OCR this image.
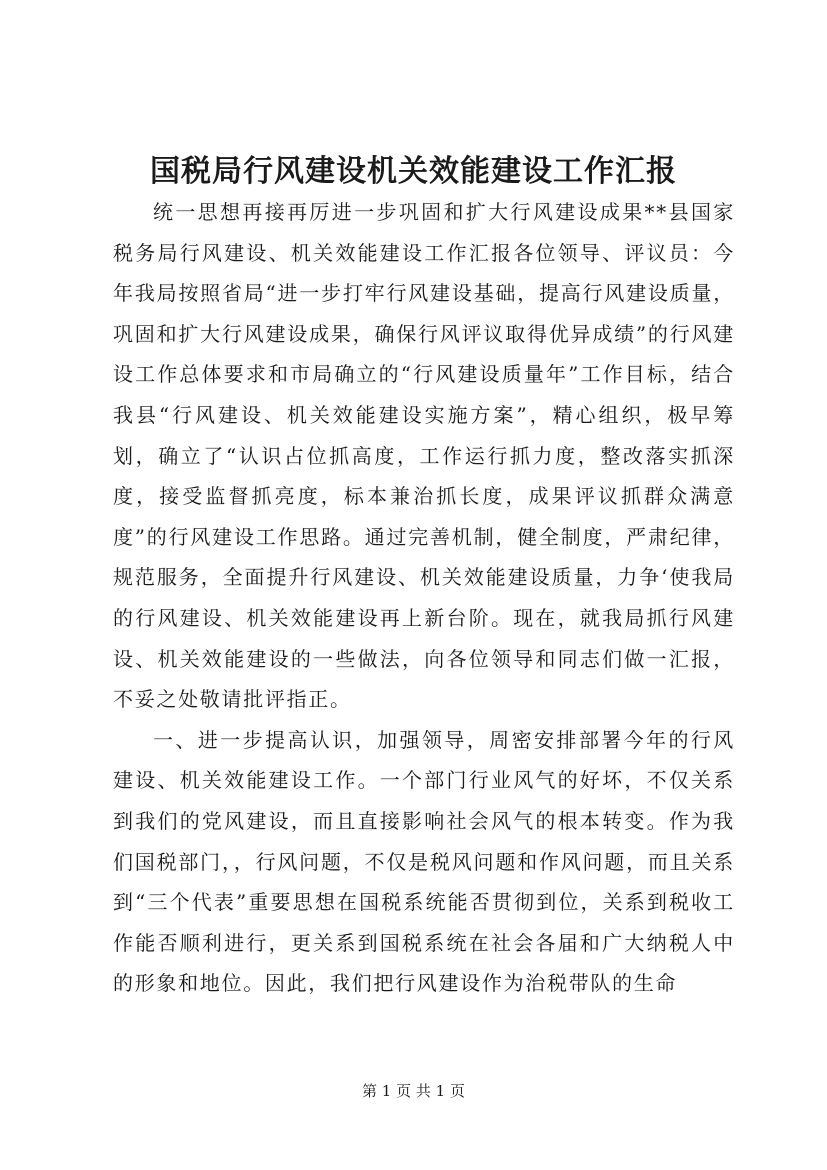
国税局行风建设机关效能建设工作汇报

统一思想再接再厉进一步巩固和扩大行风建设成果**县国家税务局行风建设、机关效能建设工作汇报各位领导、评议员：今年我局按照省局“进一步打牢行风建设基础，提高行风建设质量，巩固和扩大行风建设成果，确保行风评议取得优异成绩”的行风建设工作总体要求和市局确立的“行风建设质量年”工作目标，结合我县“行风建设、机关效能建设实施方案”，精心组织，极早筹划，确立了“认识占位抓高度，工作运行抓力度，整改落实抓深度，接受监督抓亮度，标本兼治抓长度，成果评议抓群众满意度”的行风建设工作思路。通过完善机制，健全制度，严肃纪律，规范服务，全面提升行风建设、机关效能建设质量，力争‘使我局的行风建设、机关效能建设再上新台阶。现在，就我局抓行风建设、机关效能建设的一些做法，向各位领导和同志们做一汇报，不妥之处敬请批评指正。

一、进一步提高认识，加强领导，周密安排部署今年的行风建设、机关效能建设工作。一个部门行业风气的好坏，不仅关系到我们的党风建设，而且直接影响社会风气的根本转变。作为我们国税部门，，行风问题，不仅是税风问题和作风问题，而且关系到“三个代表”重要思想在国税系统能否贯彻到位，关系到税收工作能否顺利进行，更关系到国税系统在社会各届和广大纳税人中的形象和地位。因此，我们把行风建设作为治税带队的生命

第 1 页 共 1 页
